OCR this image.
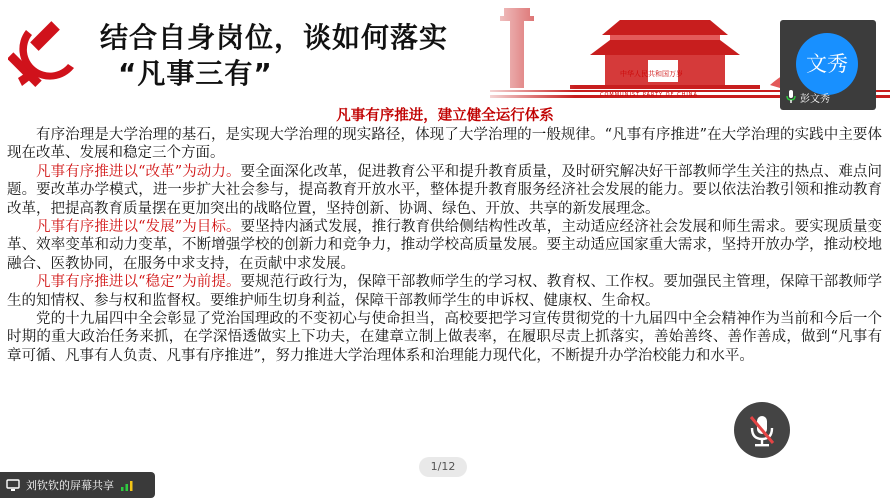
结合自身岗位，谈如何落实
“凡事三有”	中华人民共和国万岁
COMMUNIST PARTY OF CHINA
凡事有序推进，建立健全运行体系

有序治理是大学治理的基石，是实现大学治理的现实路径，体现了大学治理的一般规律。“凡事有序推进”在大学治理的实践中主要体现在改革、发展和稳定三个方面。

凡事有序推进以“改革”为动力。要全面深化改革，促进教育公平和提升教育质量，及时研究解决好干部教师学生关注的热点、难点问题。要改革办学模式，进一步扩大社会参与，提高教育开放水平，整体提升教育服务经济社会发展的能力。要以依法治教引领和推动教育改革，把提高教育质量摆在更加突出的战略位置，坚持创新、协调、绿色、开放、共享的新发展理念。

凡事有序推进以“发展”为目标。要坚持内涵式发展，推行教育供给侧结构性改革，主动适应经济社会发展和师生需求。要实现质量变革、效率变革和动力变革，不断增强学校的创新力和竞争力，推动学校高质量发展。要主动适应国家重大需求，坚持开放办学，推动校地融合、医教协同，在服务中求支持，在贡献中求发展。

凡事有序推进以“稳定”为前提。要规范行政行为，保障干部教师学生的学习权、教育权、工作权。要加强民主管理，保障干部教师学生的知情权、参与权和监督权。要维护师生切身利益，保障干部教师学生的申诉权、健康权、生命权。

党的十九届四中全会彰显了党治国理政的不变初心与使命担当，高校要把学习宣传贯彻党的十九届四中全会精神作为当前和今后一个时期的重大政治任务来抓，在学深悟透做实上下功夫，在建章立制上做表率，在履职尽责上抓落实，善始善终、善作善成，做到“凡事有章可循、凡事有人负责、凡事有序推进”，努力推进大学治理体系和治理能力现代化，不断提升办学治校能力和水平。

1/12
文秀
彭文秀
刘钦钦的屏幕共享
